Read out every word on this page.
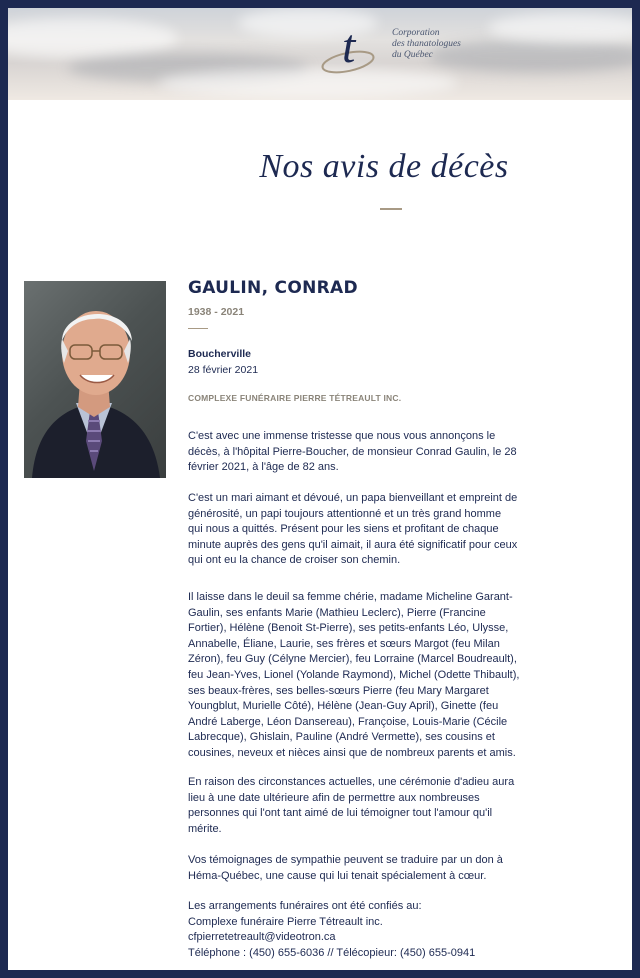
t	Corporation
des thanatologues
du Québec
Nos avis de décès
GAULIN, CONRAD
1938 - 2021
Boucherville
28 février 2021
COMPLEXE FUNÉRAIRE PIERRE TÉTREAULT INC.
C'est avec une immense tristesse que nous vous annonçons le
décès, à l'hôpital Pierre-Boucher, de monsieur Conrad Gaulin, le 28
février 2021, à l'âge de 82 ans.
C'est un mari aimant et dévoué, un papa bienveillant et empreint de
générosité, un papi toujours attentionné et un très grand homme
qui nous a quittés. Présent pour les siens et profitant de chaque
minute auprès des gens qu'il aimait, il aura été significatif pour ceux
qui ont eu la chance de croiser son chemin.
Il laisse dans le deuil sa femme chérie, madame Micheline Garant-
Gaulin, ses enfants Marie (Mathieu Leclerc), Pierre (Francine
Fortier), Hélène (Benoit St-Pierre), ses petits-enfants Léo, Ulysse,
Annabelle, Éliane, Laurie, ses frères et sœurs Margot (feu Milan
Zéron), feu Guy (Célyne Mercier), feu Lorraine (Marcel Boudreault),
feu Jean-Yves, Lionel (Yolande Raymond), Michel (Odette Thibault),
ses beaux-frères, ses belles-sœurs Pierre (feu Mary Margaret
Youngblut, Murielle Côté), Hélène (Jean-Guy April), Ginette (feu
André Laberge, Léon Dansereau), Françoise, Louis-Marie (Cécile
Labrecque), Ghislain, Pauline (André Vermette), ses cousins et
cousines, neveux et nièces ainsi que de nombreux parents et amis.
En raison des circonstances actuelles, une cérémonie d'adieu aura
lieu à une date ultérieure afin de permettre aux nombreuses
personnes qui l'ont tant aimé de lui témoigner tout l'amour qu'il
mérite.
Vos témoignages de sympathie peuvent se traduire par un don à
Héma-Québec, une cause qui lui tenait spécialement à cœur.
Les arrangements funéraires ont été confiés au:
Complexe funéraire Pierre Tétreault inc.
cfpierretetreault@videotron.ca
Téléphone : (450) 655-6036 // Télécopieur: (450) 655-0941
